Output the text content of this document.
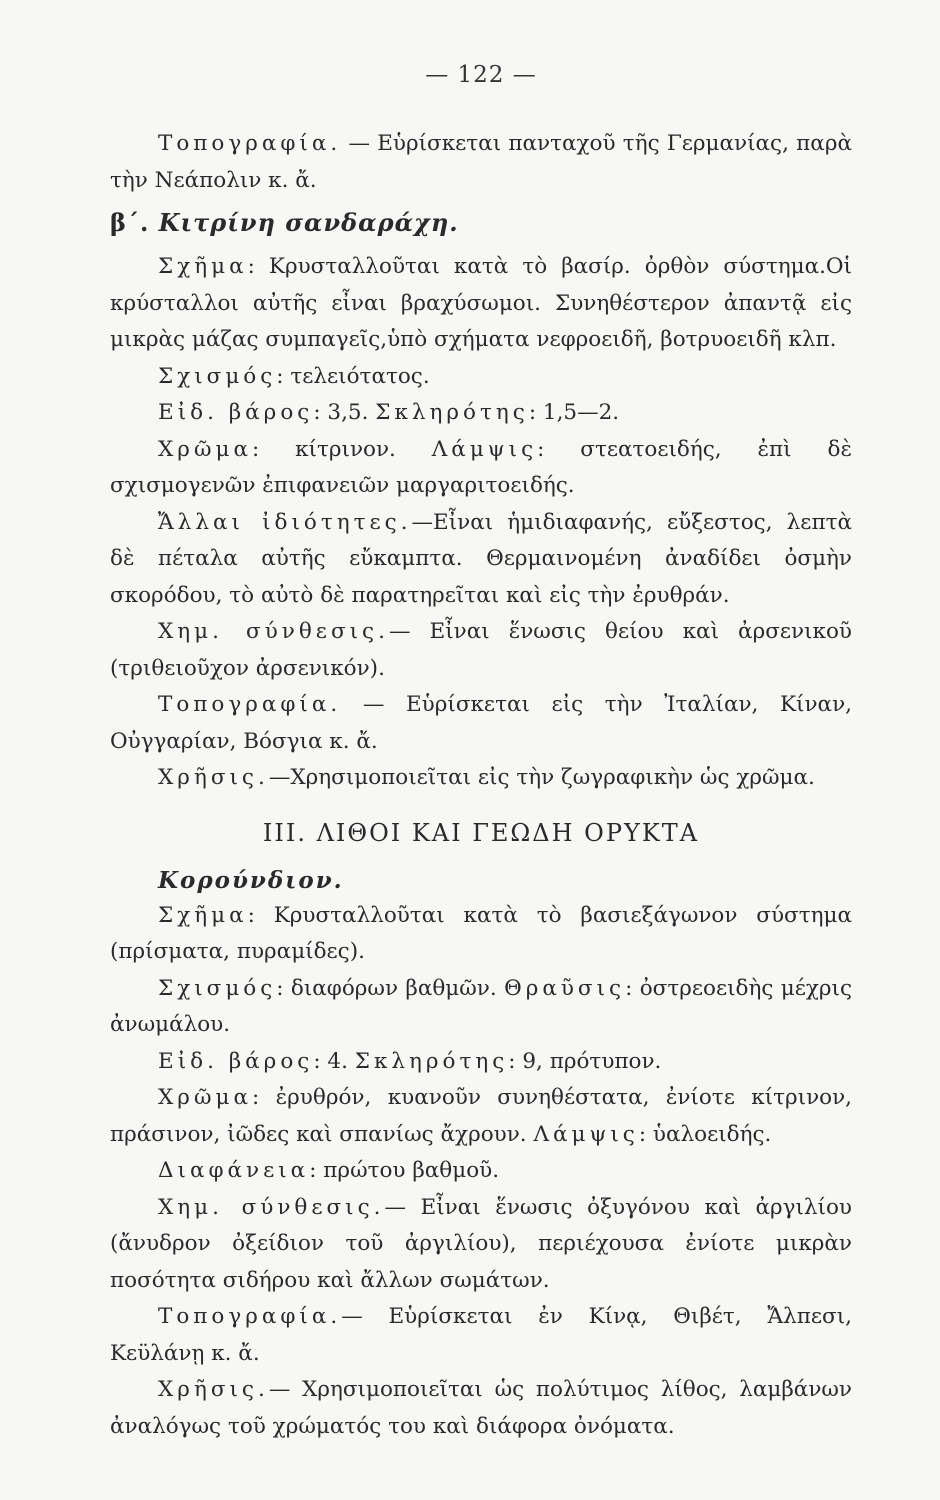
— 122 —

Τοπογραφία. — Εὑρίσκεται πανταχοῦ τῆς Γερμανίας, παρὰ τὴν Νεάπολιν κ. ἄ.

β΄. Κιτρίνη σανδαράχη.

Σχῆμα: Κρυσταλλοῦται κατὰ τὸ βασίρ. ὀρθὸν σύστημα.Οἱ κρύσταλλοι αὐτῆς εἶναι βραχύσωμοι. Συνηθέστερον ἀπαντᾷ εἰς μικρὰς μάζας συμπαγεῖς,ὑπὸ σχήματα νεφροειδῆ, βοτρυοειδῆ κλπ.

Σχισμός: τελειότατος.

Εἰδ. βάρος: 3,5. Σκληρότης: 1,5—2.

Χρῶμα: κίτρινον. Λάμψις: στεατοειδής, ἐπὶ δὲ σχισμογενῶν ἐπιφανειῶν μαργαριτοειδής.

Ἄλλαι ἰδιότητες.—Εἶναι ἡμιδιαφανής, εὔξεστος, λεπτὰ δὲ πέταλα αὐτῆς εὔκαμπτα. Θερμαινομένη ἀναδίδει ὀσμὴν σκορόδου, τὸ αὐτὸ δὲ παρατηρεῖται καὶ εἰς τὴν ἐρυθράν.

Χημ. σύνθεσις.— Εἶναι ἕνωσις θείου καὶ ἀρσενικοῦ (τριθειοῦχον ἀρσενικόν).

Τοπογραφία. — Εὑρίσκεται εἰς τὴν Ἰταλίαν, Κίναν, Οὐγγαρίαν, Βόσγια κ. ἄ.

Χρῆσις.—Χρησιμοποιεῖται εἰς τὴν ζωγραφικὴν ὡς χρῶμα.

III. ΛΙΘΟΙ ΚΑΙ ΓΕΩΔΗ ΟΡΥΚΤΑ
Κορούνδιον.

Σχῆμα: Κρυσταλλοῦται κατὰ τὸ βασιεξάγωνον σύστημα (πρίσματα, πυραμίδες).

Σχισμός: διαφόρων βαθμῶν. Θραῦσις: ὀστρεοειδὴς μέχρις ἀνωμάλου.

Εἰδ. βάρος: 4. Σκληρότης: 9, πρότυπον.

Χρῶμα: ἐρυθρόν, κυανοῦν συνηθέστατα, ἐνίοτε κίτρινον, πράσινον, ἰῶδες καὶ σπανίως ἄχρουν. Λάμψις: ὑαλοειδής.

Διαφάνεια: πρώτου βαθμοῦ.

Χημ. σύνθεσις.— Εἶναι ἕνωσις ὀξυγόνου καὶ ἀργιλίου (ἄνυδρον ὀξείδιον τοῦ ἀργιλίου), περιέχουσα ἐνίοτε μικρὰν ποσότητα σιδήρου καὶ ἄλλων σωμάτων.

Τοπογραφία.— Εὑρίσκεται ἐν Κίνᾳ, Θιβέτ, Ἄλπεσι, Κεϋλάνῃ κ. ἄ.

Χρῆσις.— Χρησιμοποιεῖται ὡς πολύτιμος λίθος, λαμβάνων ἀναλόγως τοῦ χρώματός του καὶ διάφορα ὀνόματα.
